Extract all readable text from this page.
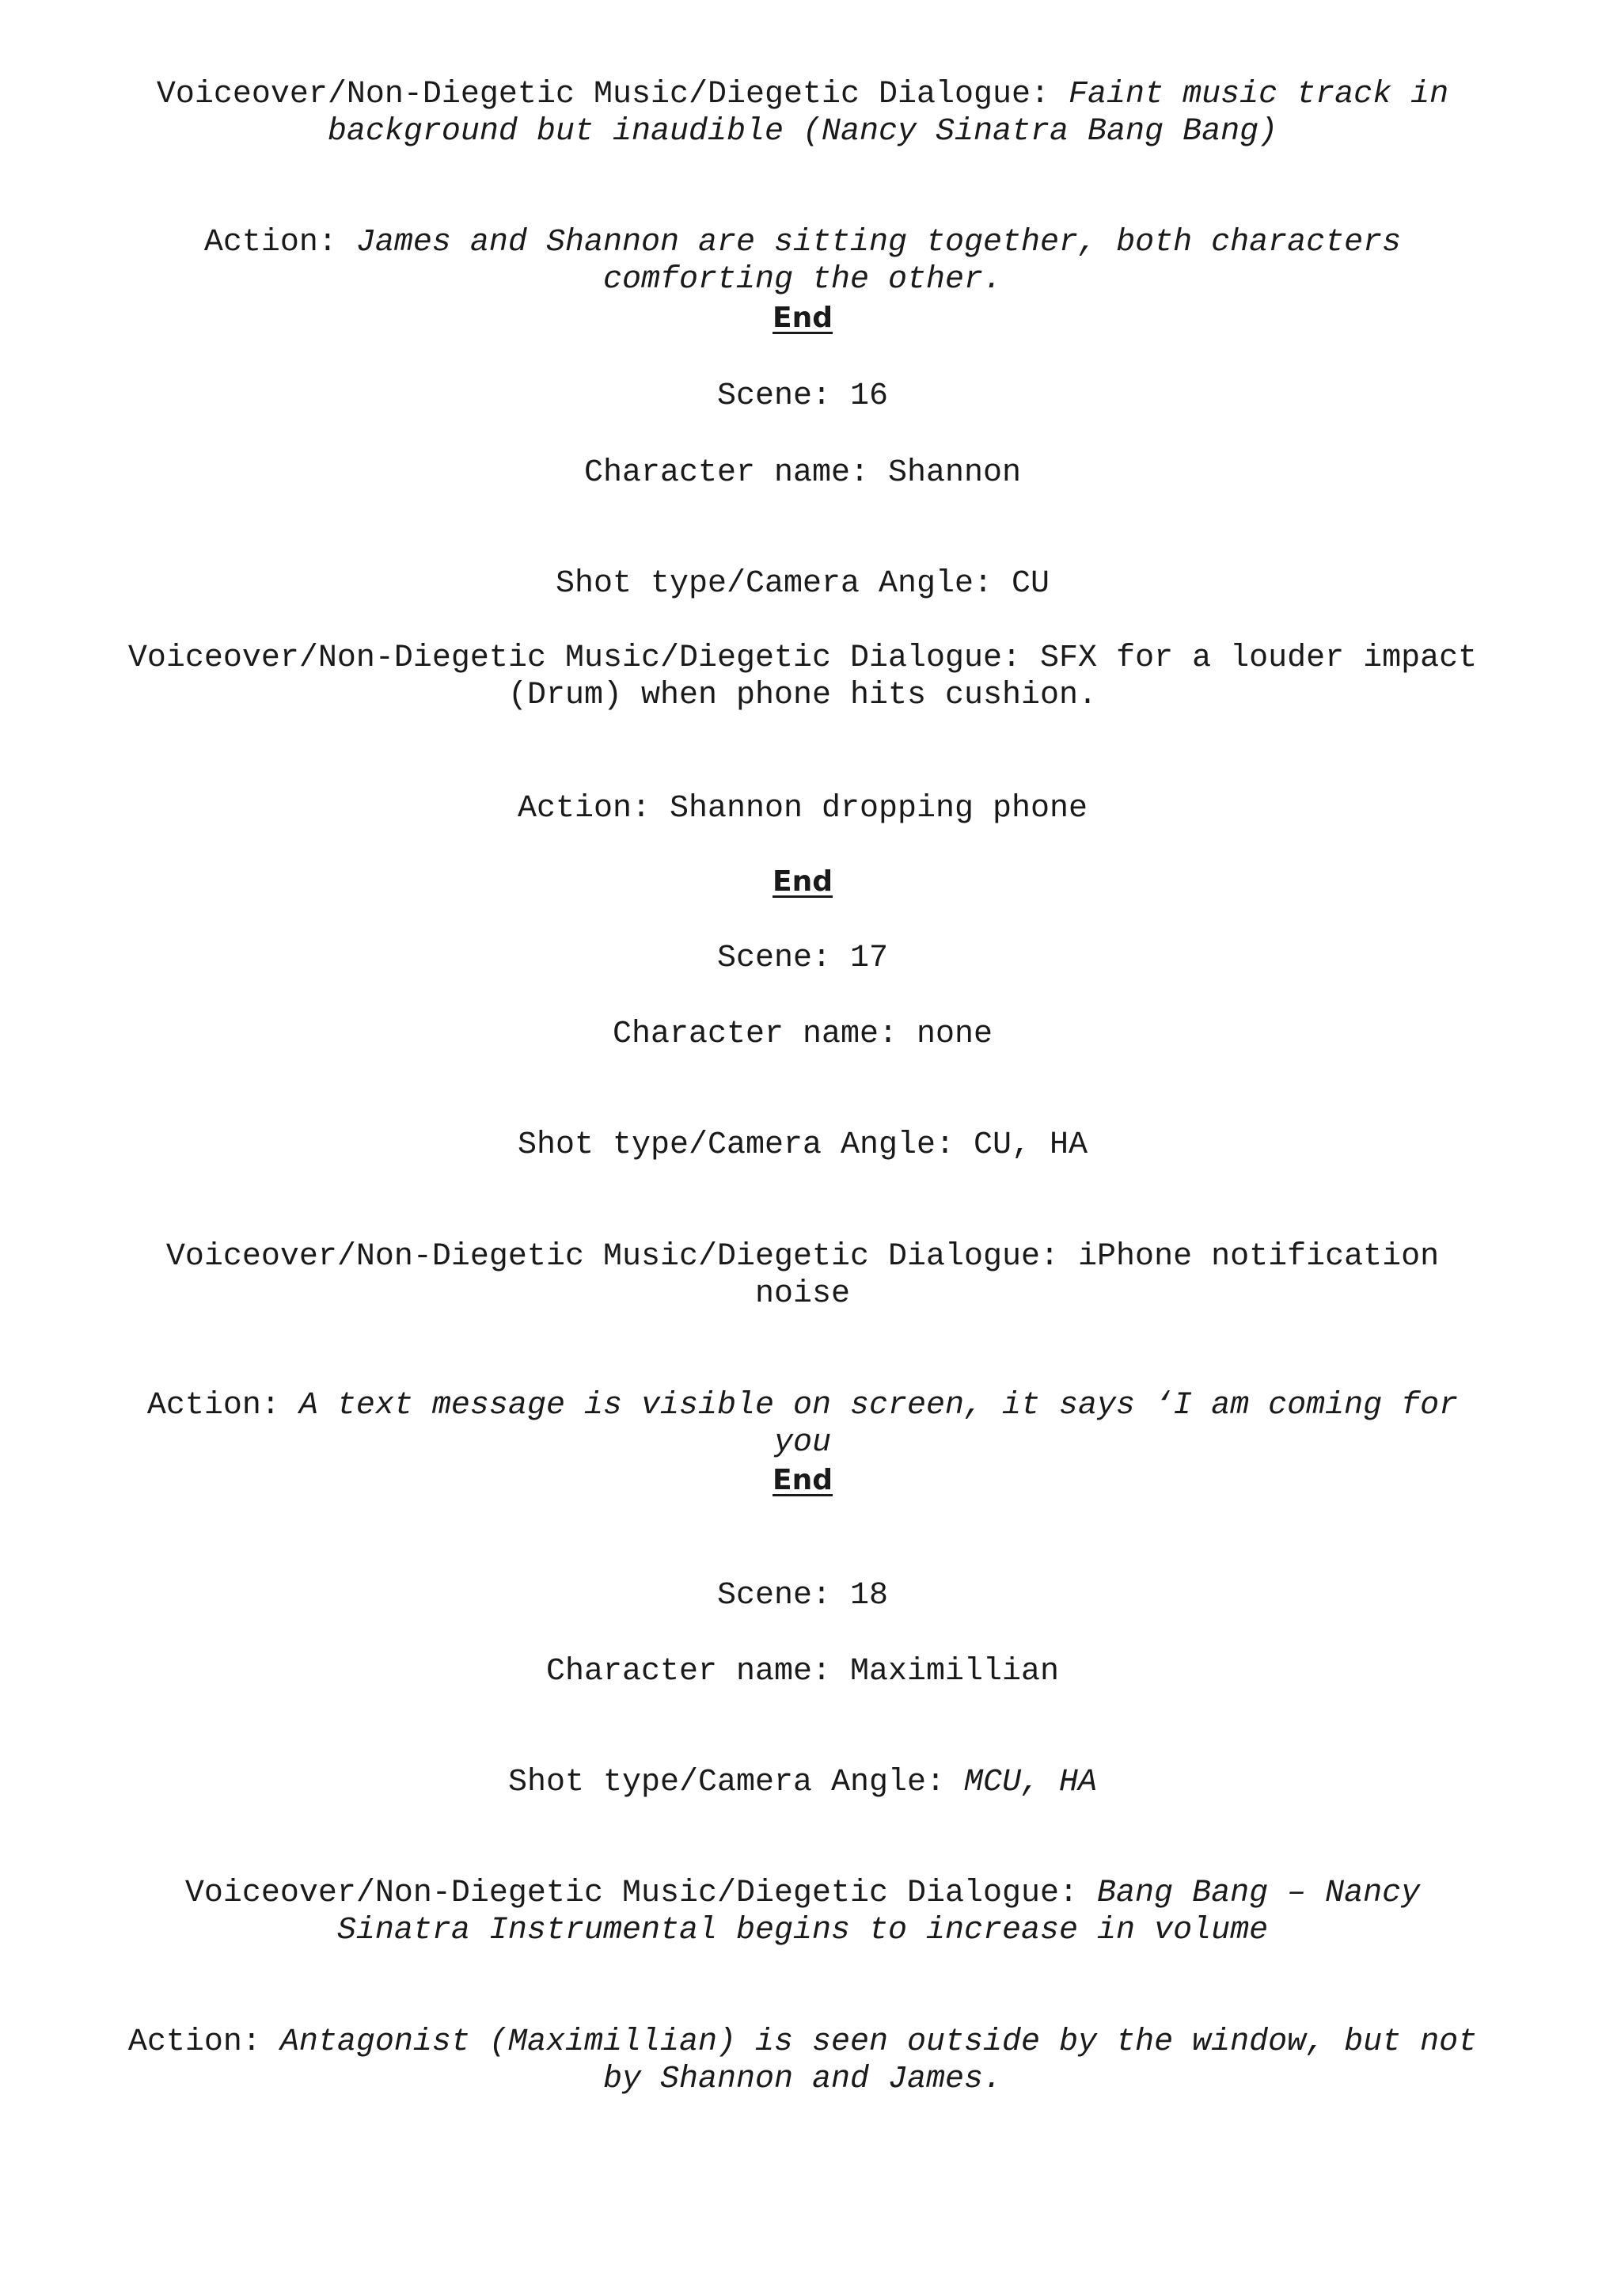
Voiceover/Non-Diegetic Music/Diegetic Dialogue: Faint music track in
background but inaudible (Nancy Sinatra Bang Bang)
Action: James and Shannon are sitting together, both characters
comforting the other.
End
Scene: 16
Character name: Shannon
Shot type/Camera Angle: CU
Voiceover/Non-Diegetic Music/Diegetic Dialogue: SFX for a louder impact
(Drum) when phone hits cushion.
Action: Shannon dropping phone
End
Scene: 17
Character name: none
Shot type/Camera Angle: CU, HA
Voiceover/Non-Diegetic Music/Diegetic Dialogue: iPhone notification
noise
Action: A text message is visible on screen, it says ‘I am coming for
you
End
Scene: 18
Character name: Maximillian
Shot type/Camera Angle: MCU, HA
Voiceover/Non-Diegetic Music/Diegetic Dialogue: Bang Bang – Nancy
Sinatra Instrumental begins to increase in volume
Action: Antagonist (Maximillian) is seen outside by the window, but not
by Shannon and James.
